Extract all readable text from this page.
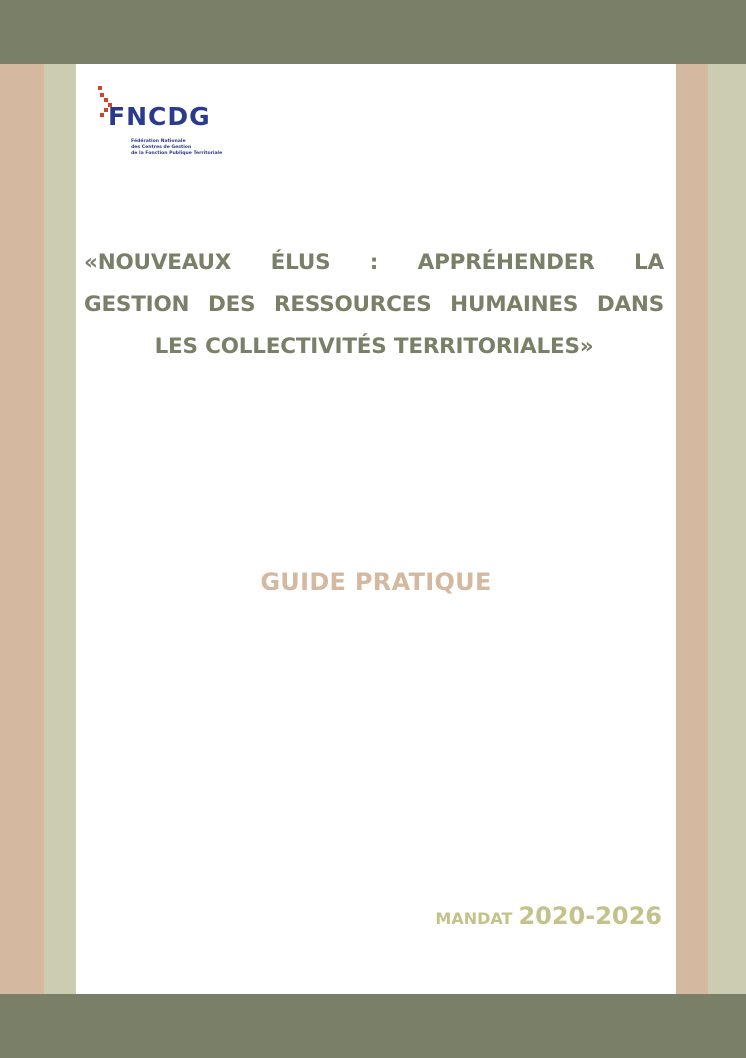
FNCDG
Fédération Nationale
des Centres de Gestion
de la Fonction Publique Territoriale
«NOUVEAUX ÉLUS : APPRÉHENDER LA
GESTION DES RESSOURCES HUMAINES DANS
LES COLLECTIVITÉS TERRITORIALES»
GUIDE PRATIQUE
MANDAT 2020-2026
